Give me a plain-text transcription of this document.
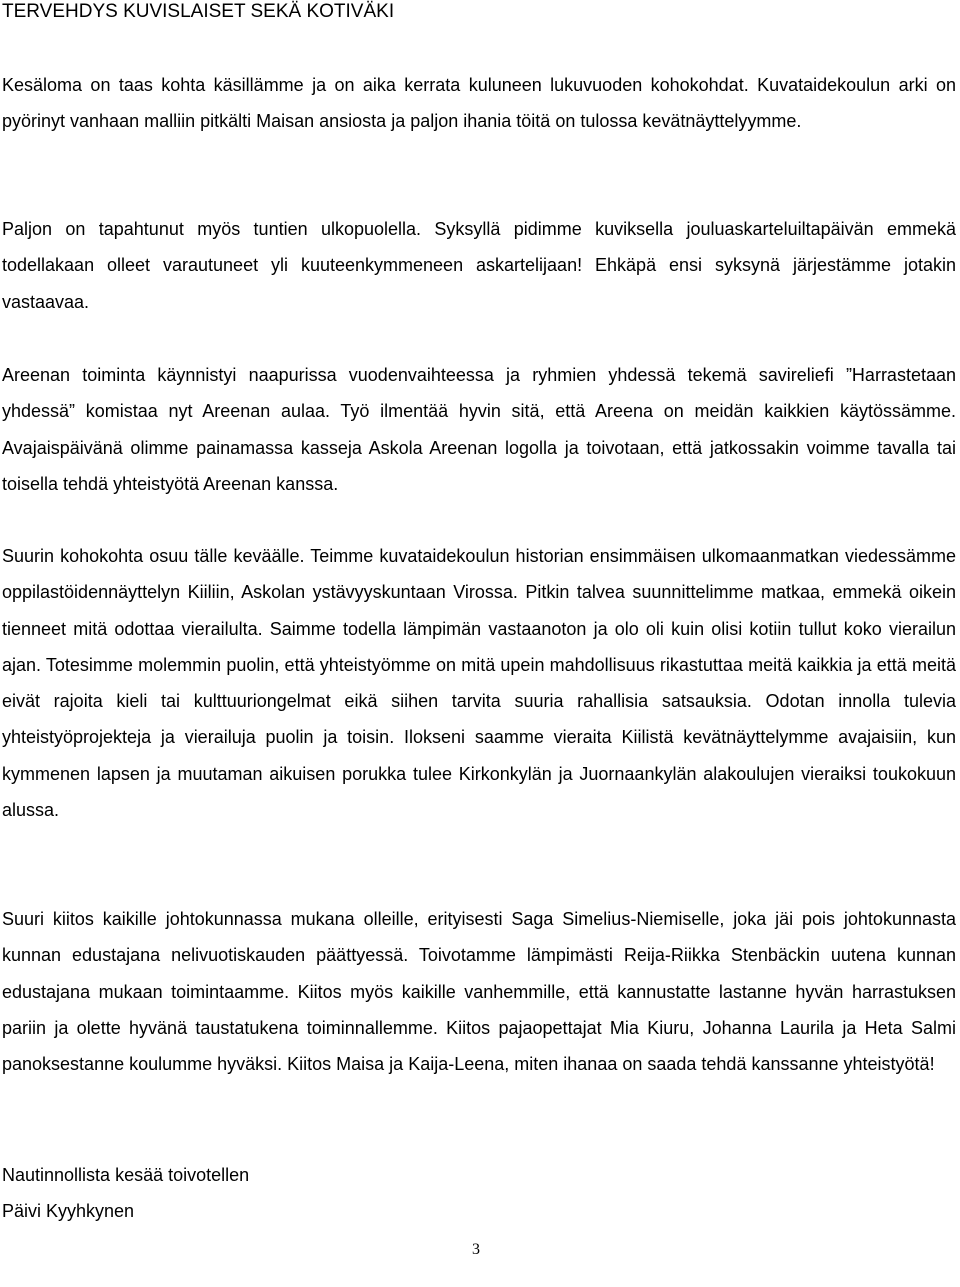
TERVEHDYS KUVISLAISET SEKÄ KOTIVÄKI

Kesäloma on taas kohta käsillämme ja on aika kerrata kuluneen lukuvuoden kohokohdat. Kuvataidekoulun arki on pyörinyt vanhaan malliin pitkälti Maisan ansiosta ja paljon ihania töitä on tulossa kevätnäyttelyymme.

Paljon on tapahtunut myös tuntien ulkopuolella. Syksyllä pidimme kuviksella jouluaskarteluiltapäivän emmekä todellakaan olleet varautuneet yli kuuteenkymmeneen askartelijaan! Ehkäpä ensi syksynä järjestämme jotakin vastaavaa.

Areenan toiminta käynnistyi naapurissa vuodenvaihteessa ja ryhmien yhdessä tekemä savireliefi ”Harrastetaan yhdessä” komistaa nyt Areenan aulaa. Työ ilmentää hyvin sitä, että Areena on meidän kaikkien käytössämme. Avajaispäivänä olimme painamassa kasseja Askola Areenan logolla ja toivotaan, että jatkossakin voimme tavalla tai toisella tehdä yhteistyötä Areenan kanssa.

Suurin kohokohta osuu tälle keväälle. Teimme kuvataidekoulun historian ensimmäisen ulkomaanmatkan viedessämme oppilastöidennäyttelyn Kiiliin, Askolan ystävyyskuntaan Virossa. Pitkin talvea suunnittelimme matkaa, emmekä oikein tienneet mitä odottaa vierailulta. Saimme todella lämpimän vastaanoton ja olo oli kuin olisi kotiin tullut koko vierailun ajan. Totesimme molemmin puolin, että yhteistyömme on mitä upein mahdollisuus rikastuttaa meitä kaikkia ja että meitä eivät rajoita kieli tai kulttuuriongelmat eikä siihen tarvita suuria rahallisia satsauksia. Odotan innolla tulevia yhteistyöprojekteja ja vierailuja puolin ja toisin. Ilokseni saamme vieraita Kiilistä kevätnäyttelymme avajaisiin, kun kymmenen lapsen ja muutaman aikuisen porukka tulee Kirkonkylän ja Juornaankylän alakoulujen vieraiksi toukokuun alussa.

Suuri kiitos kaikille johtokunnassa mukana olleille, erityisesti Saga Simelius-Niemiselle, joka jäi pois johtokunnasta kunnan edustajana nelivuotiskauden päättyessä. Toivotamme lämpimästi Reija-Riikka Stenbäckin uutena kunnan edustajana mukaan toimintaamme. Kiitos myös kaikille vanhemmille, että kannustatte lastanne hyvän harrastuksen pariin ja olette hyvänä taustatukena toiminnallemme. Kiitos pajaopettajat Mia Kiuru, Johanna Laurila ja Heta Salmi panoksestanne koulumme hyväksi. Kiitos Maisa ja Kaija-Leena, miten ihanaa on saada tehdä kanssanne yhteistyötä!

Nautinnollista kesää toivotellen

Päivi Kyyhkynen

3
